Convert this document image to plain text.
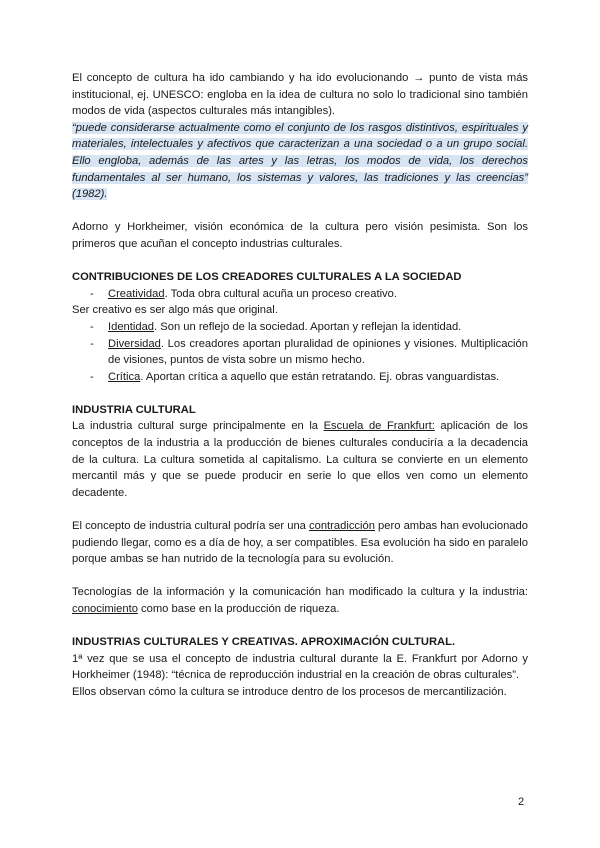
El concepto de cultura ha ido cambiando y ha ido evolucionando → punto de vista más institucional, ej. UNESCO: engloba en la idea de cultura no solo lo tradicional sino también modos de vida (aspectos culturales más intangibles).

“puede considerarse actualmente como el conjunto de los rasgos distintivos, espirituales y materiales, intelectuales y afectivos que caracterizan a una sociedad o a un grupo social. Ello engloba, además de las artes y las letras, los modos de vida, los derechos fundamentales al ser humano, los sistemas y valores, las tradiciones y las creencias” (1982).

Adorno y Horkheimer, visión económica de la cultura pero visión pesimista. Son los primeros que acuñan el concepto industrias culturales.

CONTRIBUCIONES DE LOS CREADORES CULTURALES A LA SOCIEDAD
- Creatividad. Toda obra cultural acuña un proceso creativo.

Ser creativo es ser algo más que original.

- Identidad. Son un reflejo de la sociedad. Aportan y reflejan la identidad.
- Diversidad. Los creadores aportan pluralidad de opiniones y visiones. Multiplicación de visiones, puntos de vista sobre un mismo hecho.
- Crítica. Aportan crítica a aquello que están retratando. Ej. obras vanguardistas.
INDUSTRIA CULTURAL

La industria cultural surge principalmente en la Escuela de Frankfurt: aplicación de los conceptos de la industria a la producción de bienes culturales conduciría a la decadencia de la cultura. La cultura sometida al capitalismo. La cultura se convierte en un elemento mercantil más y que se puede producir en serie lo que ellos ven como un elemento decadente.

El concepto de industria cultural podría ser una contradicción pero ambas han evolucionado pudiendo llegar, como es a día de hoy, a ser compatibles. Esa evolución ha sido en paralelo porque ambas se han nutrido de la tecnología para su evolución.

Tecnologías de la información y la comunicación han modificado la cultura y la industria: conocimiento como base en la producción de riqueza.

INDUSTRIAS CULTURALES Y CREATIVAS. APROXIMACIÓN CULTURAL.

1ª vez que se usa el concepto de industria cultural durante la E. Frankfurt por Adorno y Horkheimer (1948): “técnica de reproducción industrial en la creación de obras culturales”.

Ellos observan cómo la cultura se introduce dentro de los procesos de mercantilización.

2
